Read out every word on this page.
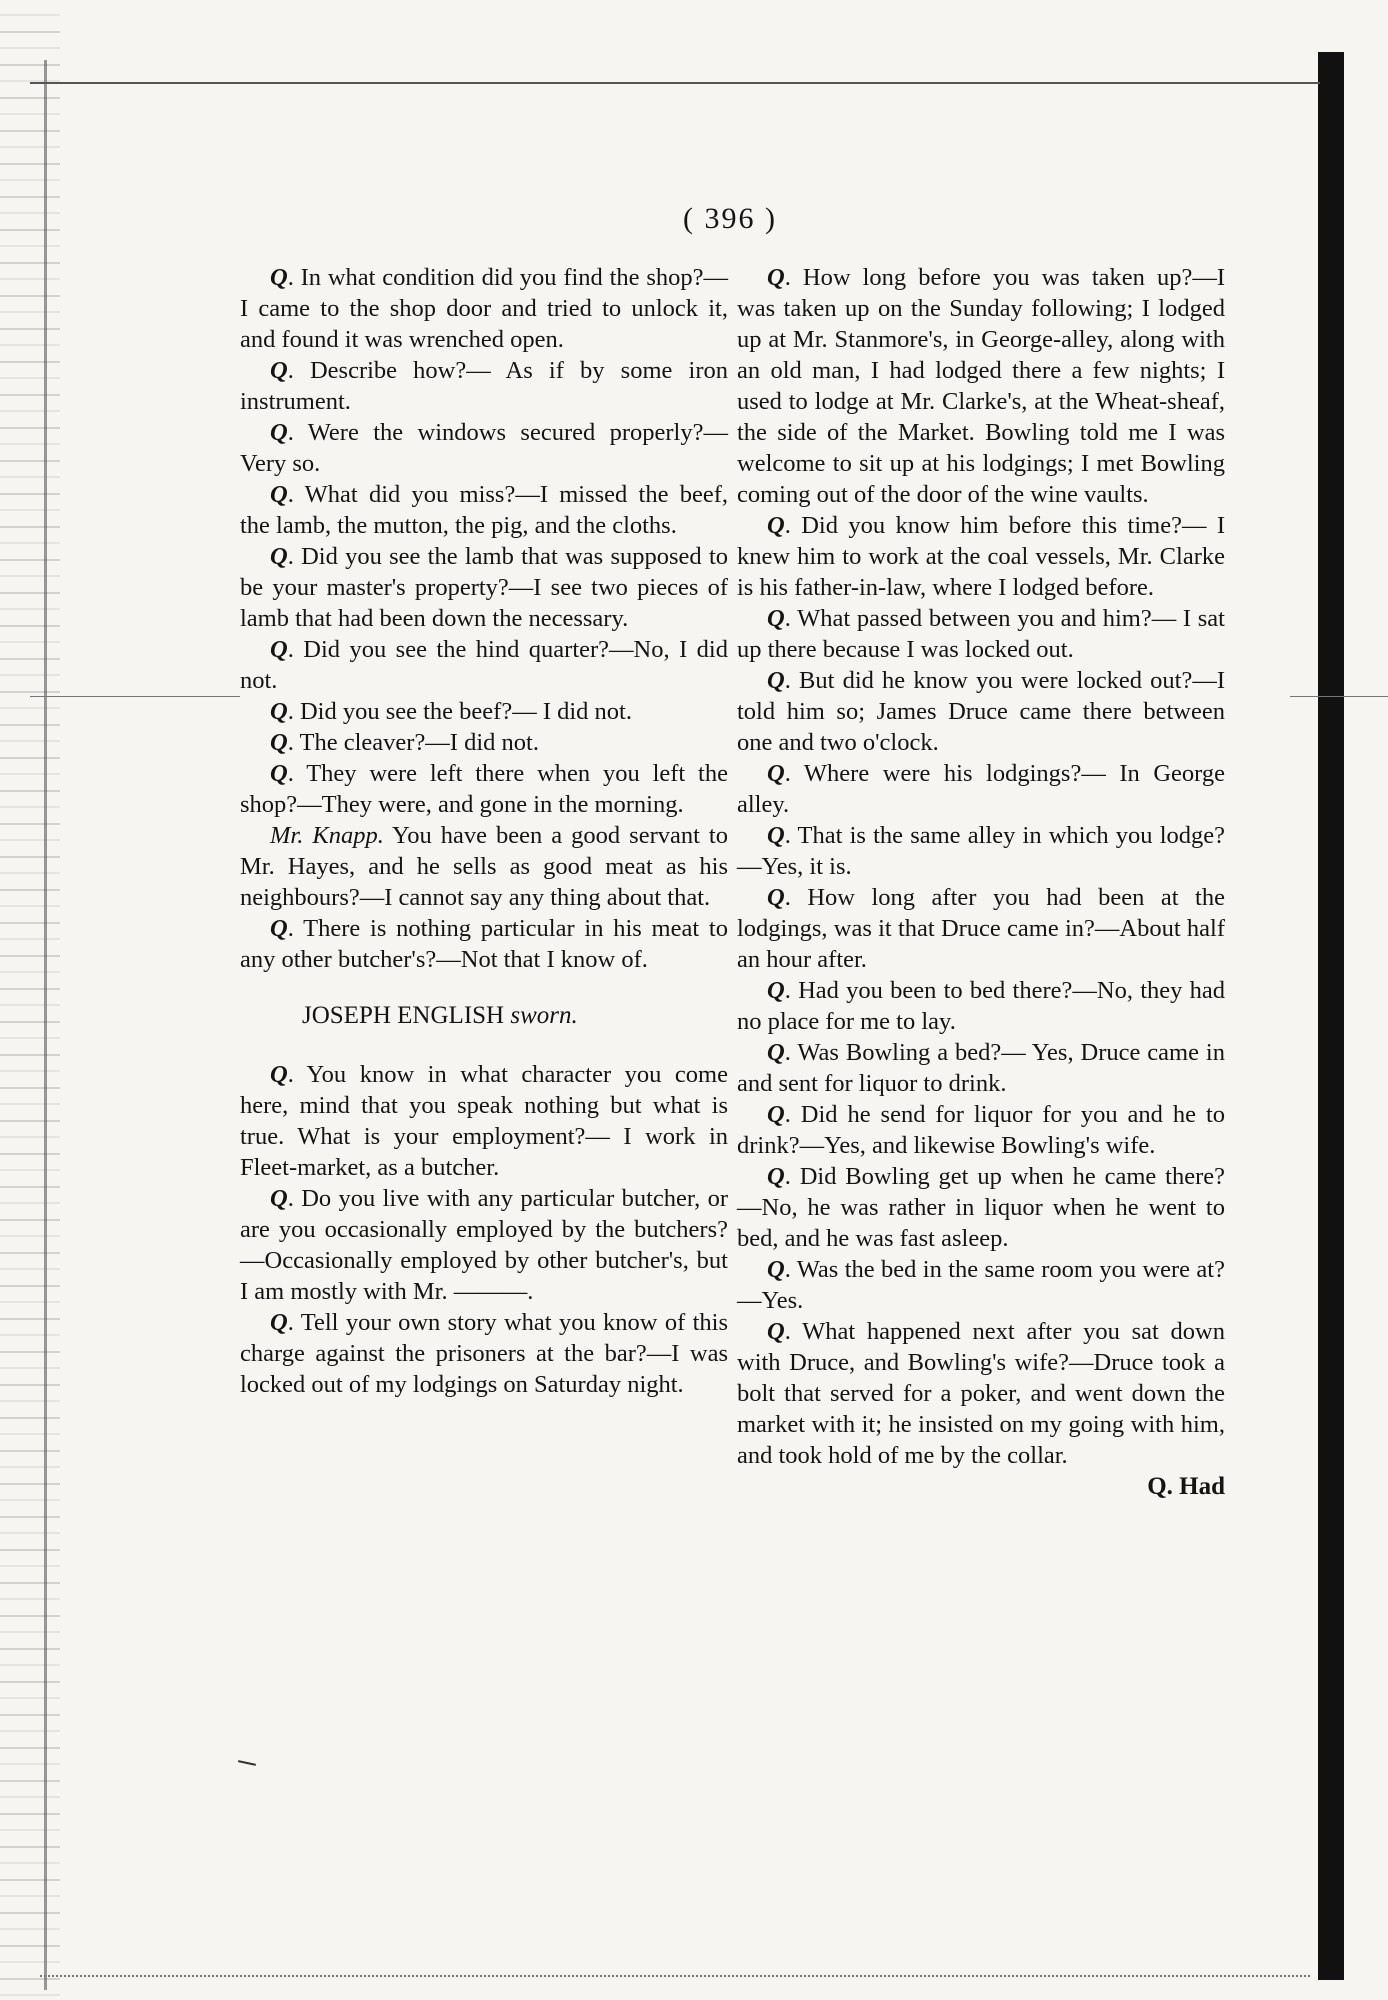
( 396 )

Q. In what condition did you find the shop?—I came to the shop door and tried to unlock it, and found it was wrenched open.

Q. Describe how?— As if by some iron instrument.

Q. Were the windows secured properly?—Very so.

Q. What did you miss?—I missed the beef, the lamb, the mutton, the pig, and the cloths.

Q. Did you see the lamb that was supposed to be your master's property?—I see two pieces of lamb that had been down the necessary.

Q. Did you see the hind quarter?—No, I did not.

Q. Did you see the beef?— I did not.

Q. The cleaver?—I did not.

Q. They were left there when you left the shop?—They were, and gone in the morning.

Mr. Knapp. You have been a good servant to Mr. Hayes, and he sells as good meat as his neighbours?—I cannot say any thing about that.

Q. There is nothing particular in his meat to any other butcher's?—Not that I know of.

JOSEPH ENGLISH sworn.

Q. You know in what character you come here, mind that you speak nothing but what is true. What is your employment?— I work in Fleet-market, as a butcher.

Q. Do you live with any particular butcher, or are you occasionally employed by the butchers?—Occasionally employed by other butcher's, but I am mostly with Mr. ———.

Q. Tell your own story what you know of this charge against the prisoners at the bar?—I was locked out of my lodgings on Saturday night.

Q. How long before you was taken up?—I was taken up on the Sunday following; I lodged up at Mr. Stanmore's, in George-alley, along with an old man, I had lodged there a few nights; I used to lodge at Mr. Clarke's, at the Wheat-sheaf, the side of the Market. Bowling told me I was welcome to sit up at his lodgings; I met Bowling coming out of the door of the wine vaults.

Q. Did you know him before this time?— I knew him to work at the coal vessels, Mr. Clarke is his father-in-law, where I lodged before.

Q. What passed between you and him?— I sat up there because I was locked out.

Q. But did he know you were locked out?—I told him so; James Druce came there between one and two o'clock.

Q. Where were his lodgings?— In George alley.

Q. That is the same alley in which you lodge?—Yes, it is.

Q. How long after you had been at the lodgings, was it that Druce came in?—About half an hour after.

Q. Had you been to bed there?—No, they had no place for me to lay.

Q. Was Bowling a bed?— Yes, Druce came in and sent for liquor to drink.

Q. Did he send for liquor for you and he to drink?—Yes, and likewise Bowling's wife.

Q. Did Bowling get up when he came there?—No, he was rather in liquor when he went to bed, and he was fast asleep.

Q. Was the bed in the same room you were at?—Yes.

Q. What happened next after you sat down with Druce, and Bowling's wife?—Druce took a bolt that served for a poker, and went down the market with it; he insisted on my going with him, and took hold of me by the collar.

Q. Had
